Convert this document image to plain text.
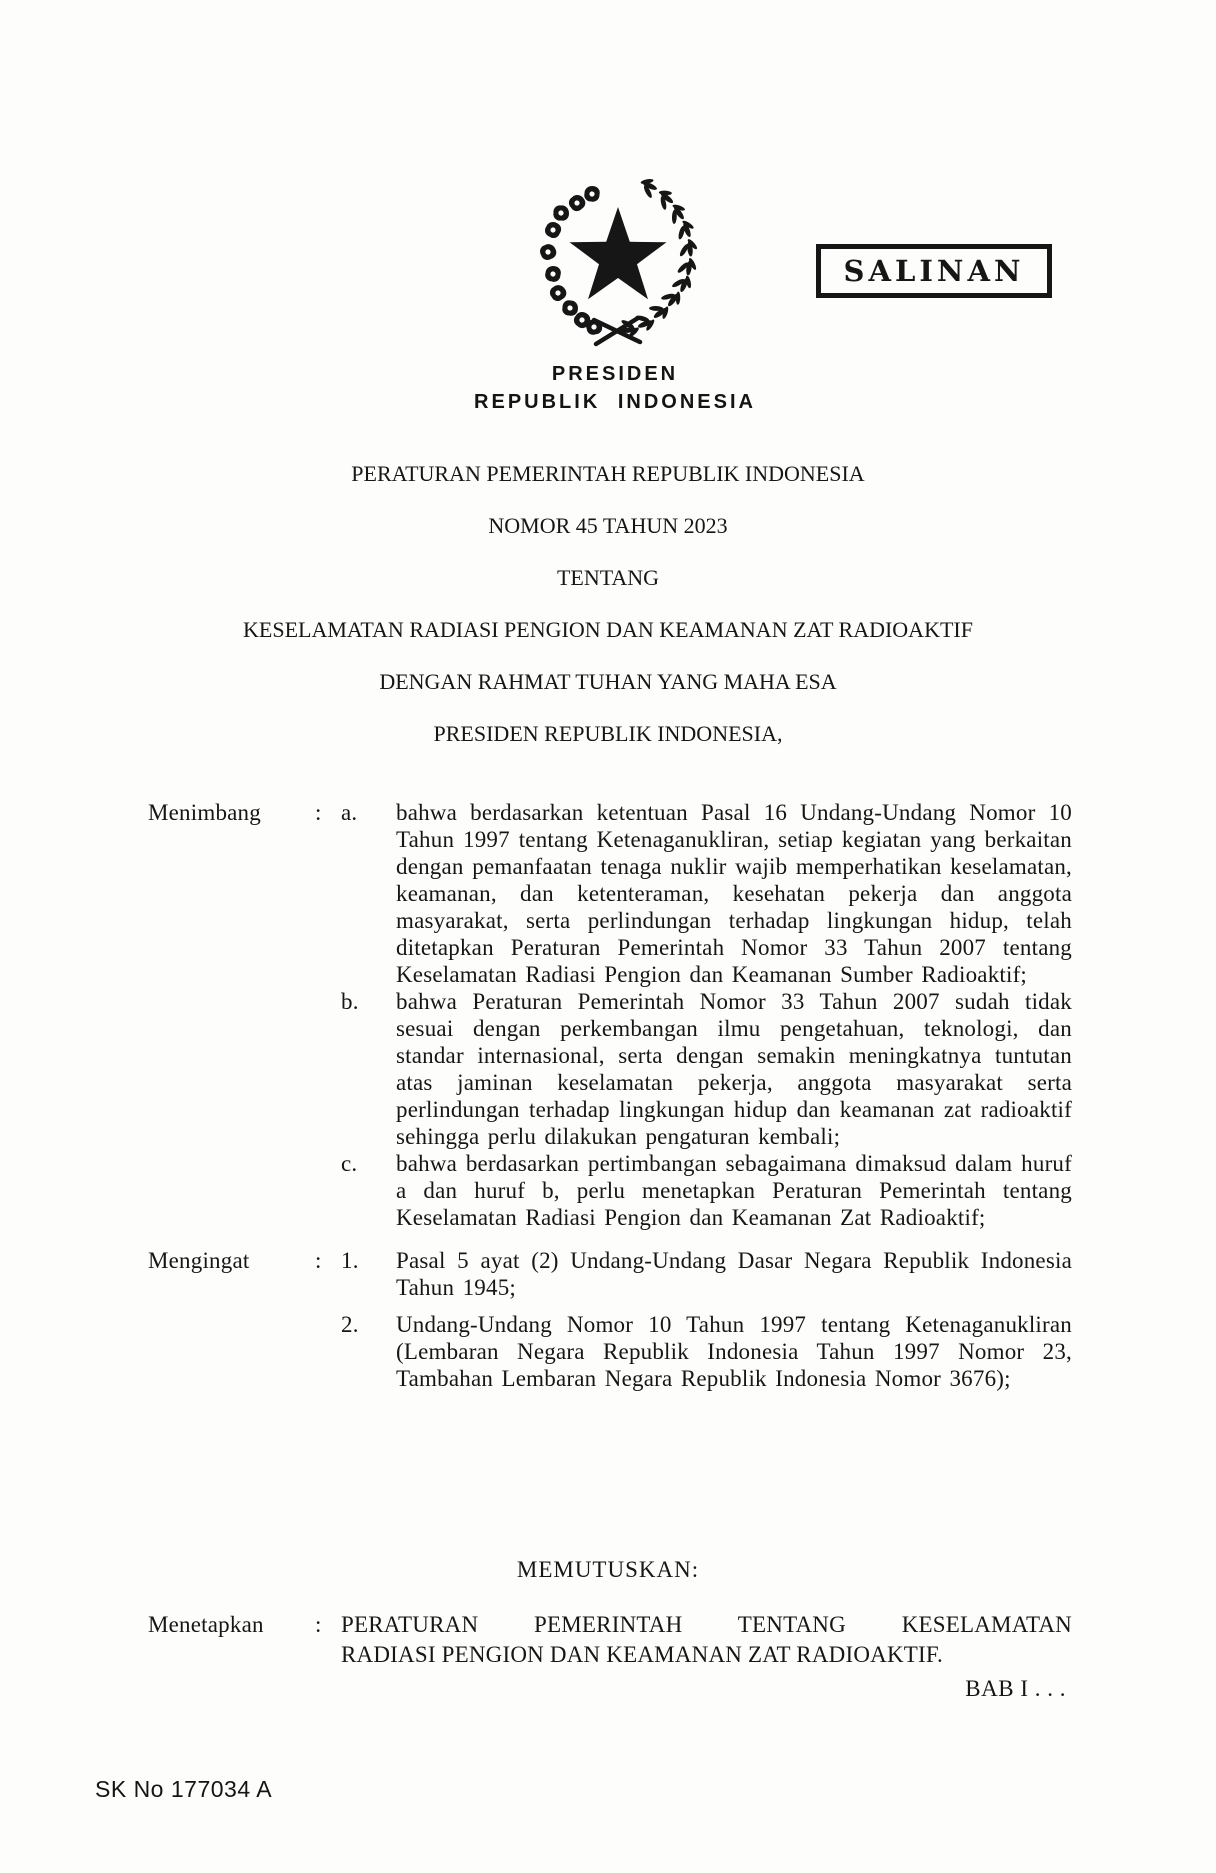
PRESIDEN
REPUBLIK INDONESIA
SALINAN
PERATURAN PEMERINTAH REPUBLIK INDONESIA
NOMOR 45 TAHUN 2023
TENTANG
KESELAMATAN RADIASI PENGION DAN KEAMANAN ZAT RADIOAKTIF
DENGAN RAHMAT TUHAN YANG MAHA ESA
PRESIDEN REPUBLIK INDONESIA,
Menimbang	: a.	bahwa berdasarkan ketentuan Pasal 16 Undang-Undang Nomor 10 Tahun 1997 tentang Ketenaganukliran, setiap kegiatan yang berkaitan dengan pemanfaatan tenaga nuklir wajib memperhatikan keselamatan, keamanan, dan ketenteraman, kesehatan pekerja dan anggota masyarakat, serta perlindungan terhadap lingkungan hidup, telah ditetapkan Peraturan Pemerintah Nomor 33 Tahun 2007 tentang Keselamatan Radiasi Pengion dan Keamanan Sumber Radioaktif;
b.	bahwa Peraturan Pemerintah Nomor 33 Tahun 2007 sudah tidak sesuai dengan perkembangan ilmu pengetahuan, teknologi, dan standar internasional, serta dengan semakin meningkatnya tuntutan atas jaminan keselamatan pekerja, anggota masyarakat serta perlindungan terhadap lingkungan hidup dan keamanan zat radioaktif sehingga perlu dilakukan pengaturan kembali;
c.	bahwa berdasarkan pertimbangan sebagaimana dimaksud dalam huruf a dan huruf b, perlu menetapkan Peraturan Pemerintah tentang Keselamatan Radiasi Pengion dan Keamanan Zat Radioaktif;
Mengingat	: 1.	Pasal 5 ayat (2) Undang-Undang Dasar Negara Republik Indonesia Tahun 1945;
2.	Undang-Undang Nomor 10 Tahun 1997 tentang Ketenaganukliran (Lembaran Negara Republik Indonesia Tahun 1997 Nomor 23, Tambahan Lembaran Negara Republik Indonesia Nomor 3676);
MEMUTUSKAN:
Menetapkan	: PERATURAN PEMERINTAH TENTANG KESELAMATAN
RADIASI PENGION DAN KEAMANAN ZAT RADIOAKTIF.
BAB I . . .
SK No 177034 A
